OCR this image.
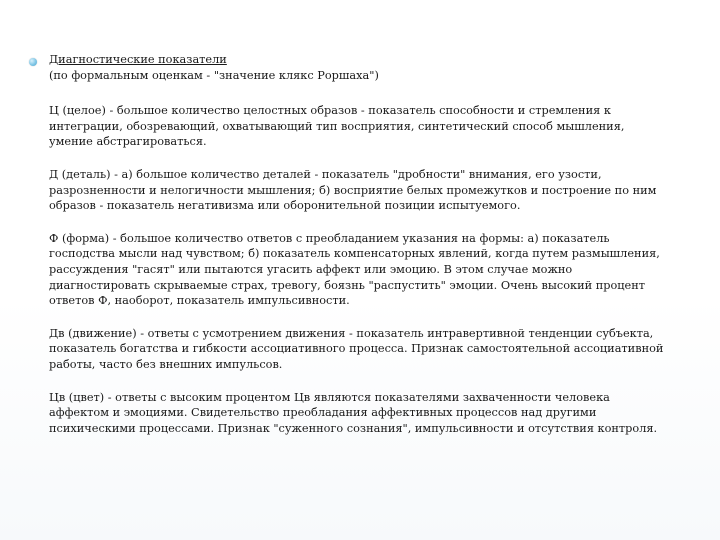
Диагностические показатели

(по формальным оценкам - "значение клякс Роршаха")

Ц (целое) - большое количество целостных образов - показатель способности и стремления к интеграции, обозревающий, охватывающий тип восприятия, синтетический способ мышления, умение абстрагироваться.

Д (деталь) - а) большое количество деталей - показатель "дробности" внимания, его узости, разрозненности и нелогичности мышления; б) восприятие белых промежутков и построение по ним образов - показатель негативизма или оборонительной позиции испытуемого.

Ф (форма) - большое количество ответов с преобладанием указания на формы: а) показатель господства мысли над чувством; б) показатель компенсаторных явлений, когда путем размышления, рассуждения "гасят" или пытаются угасить аффект или эмоцию. В этом случае можно диагностировать скрываемые страх, тревогу, боязнь "распустить" эмоции. Очень высокий процент ответов Ф, наоборот, показатель импульсивности.

Дв (движение) - ответы с усмотрением движения - показатель интравертивной тенденции субъекта, показатель богатства и гибкости ассоциативного процесса. Признак самостоятельной ассоциативной работы, часто без внешних импульсов.

Цв (цвет) - ответы с высоким процентом Цв являются показателями захваченности человека аффектом и эмоциями. Свидетельство преобладания аффективных процессов над другими психическими процессами. Признак "суженного сознания", импульсивности и отсутствия контроля.
